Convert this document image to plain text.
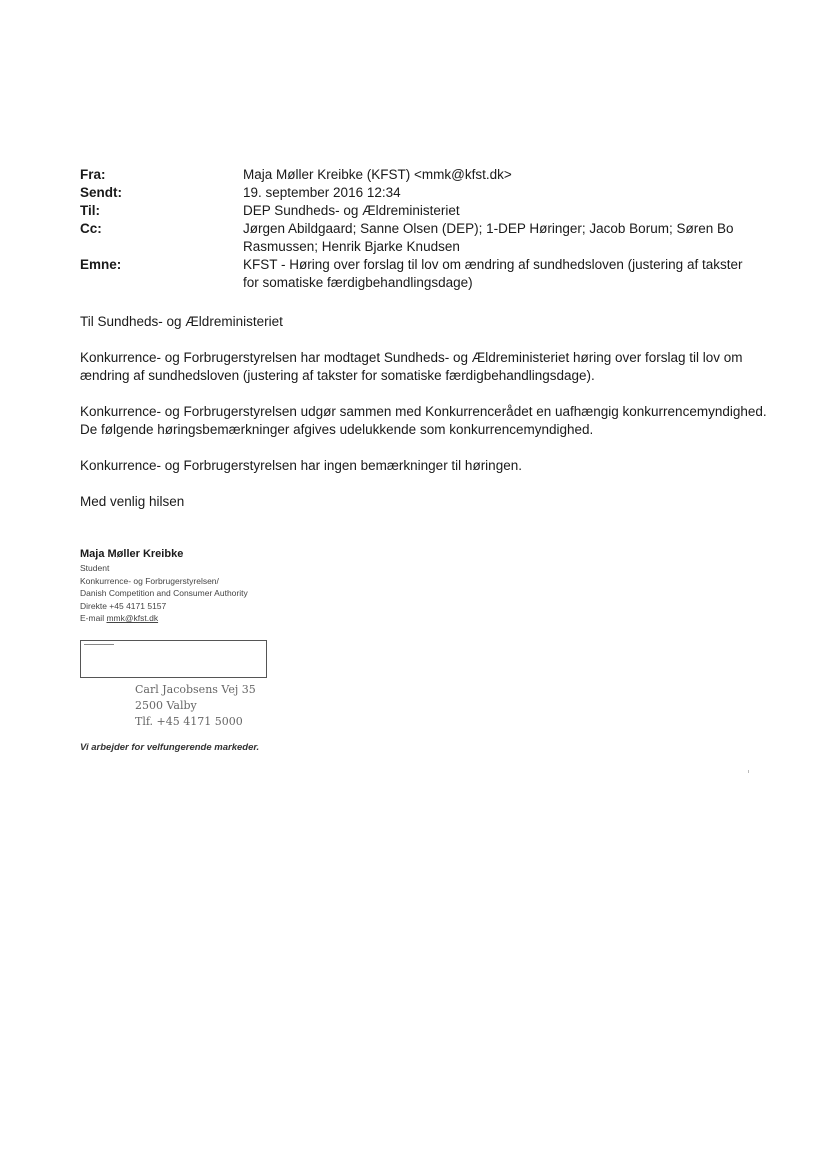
Fra:	Maja Møller Kreibke (KFST) <mmk@kfst.dk>
Sendt:	19. september 2016 12:34
Til:	DEP Sundheds- og Ældreministeriet
Cc:	Jørgen Abildgaard; Sanne Olsen (DEP); 1-DEP Høringer; Jacob Borum; Søren Bo Rasmussen; Henrik Bjarke Knudsen
Emne:	KFST - Høring over forslag til lov om ændring af sundhedsloven (justering af takster for somatiske færdigbehandlingsdage)

Til Sundheds- og Ældreministeriet

Konkurrence- og Forbrugerstyrelsen har modtaget Sundheds- og Ældreministeriet høring over forslag til lov om ændring af sundhedsloven (justering af takster for somatiske færdigbehandlingsdage).

Konkurrence- og Forbrugerstyrelsen udgør sammen med Konkurrencerådet en uafhængig konkurrencemyndighed. De følgende høringsbemærkninger afgives udelukkende som konkurrencemyndighed.

Konkurrence- og Forbrugerstyrelsen har ingen bemærkninger til høringen.

Med venlig hilsen

Maja Møller Kreibke
Student
Konkurrence- og Forbrugerstyrelsen/
Danish Competition and Consumer Authority
Direkte +45 4171 5157
E-mail mmk@kfst.dk
Carl Jacobsens Vej 35
2500 Valby
Tlf. +45 4171 5000
Vi arbejder for velfungerende markeder.
